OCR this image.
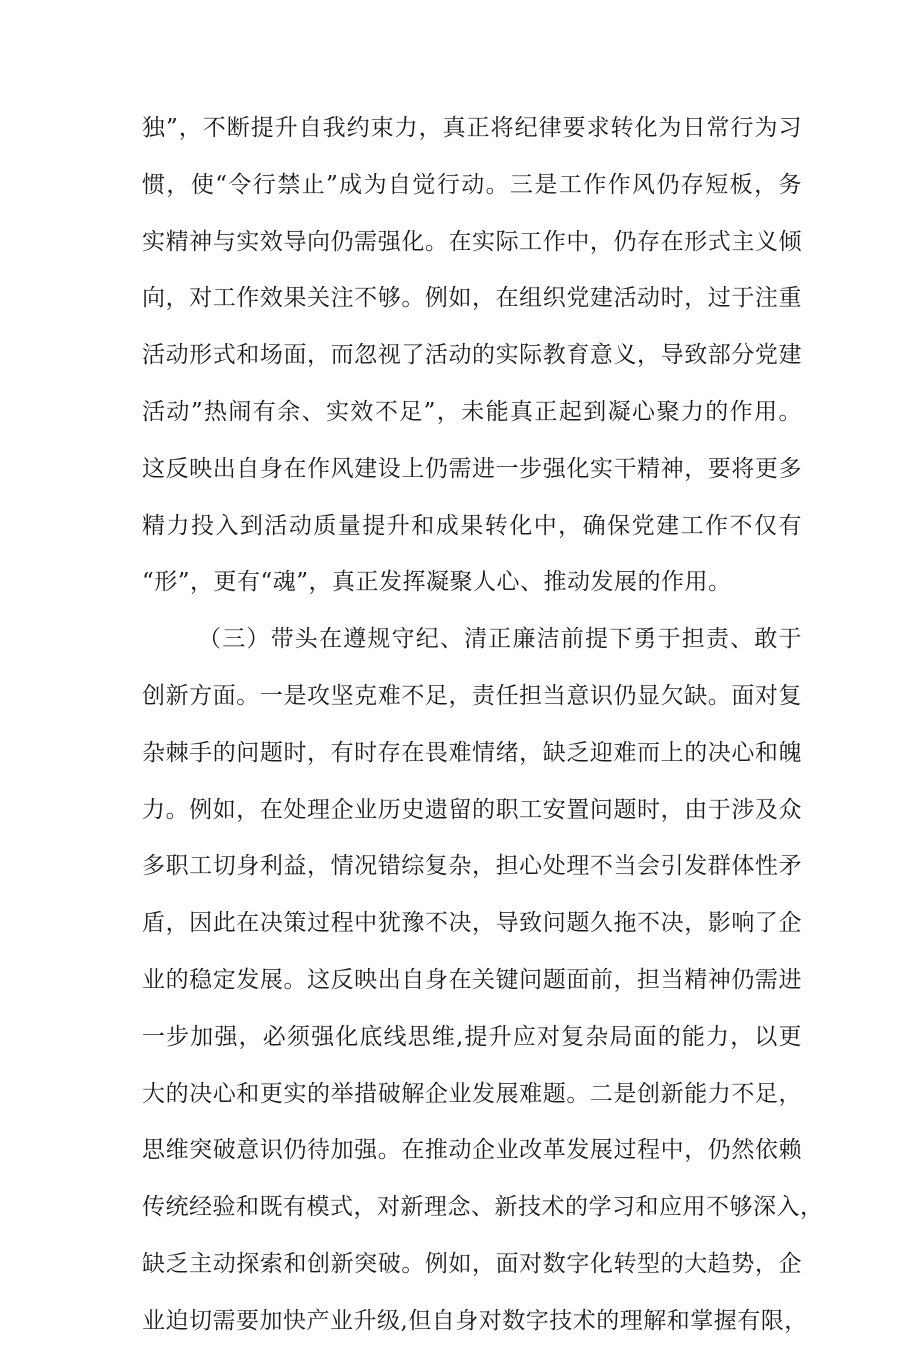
独”，不断提升自我约束力，真正将纪律要求转化为日常行为习
惯，使“令行禁止”成为自觉行动。三是工作作风仍存短板，务
实精神与实效导向仍需强化。在实际工作中，仍存在形式主义倾
向，对工作效果关注不够。例如，在组织党建活动时，过于注重
活动形式和场面，而忽视了活动的实际教育意义，导致部分党建
活动”热闹有余、实效不足”，未能真正起到凝心聚力的作用。
这反映出自身在作风建设上仍需进一步强化实干精神，要将更多
精力投入到活动质量提升和成果转化中，确保党建工作不仅有
“形”，更有“魂”，真正发挥凝聚人心、推动发展的作用。
（三）带头在遵规守纪、清正廉洁前提下勇于担责、敢于
创新方面。一是攻坚克难不足，责任担当意识仍显欠缺。面对复
杂棘手的问题时，有时存在畏难情绪，缺乏迎难而上的决心和魄
力。例如，在处理企业历史遗留的职工安置问题时，由于涉及众
多职工切身利益，情况错综复杂，担心处理不当会引发群体性矛
盾，因此在决策过程中犹豫不决，导致问题久拖不决，影响了企
业的稳定发展。这反映出自身在关键问题面前，担当精神仍需进
一步加强，必须强化底线思维,提升应对复杂局面的能力，以更
大的决心和更实的举措破解企业发展难题。二是创新能力不足，
思维突破意识仍待加强。在推动企业改革发展过程中，仍然依赖
传统经验和既有模式，对新理念、新技术的学习和应用不够深入，
缺乏主动探索和创新突破。例如，面对数字化转型的大趋势，企
业迫切需要加快产业升级,但自身对数字技术的理解和掌握有限，
